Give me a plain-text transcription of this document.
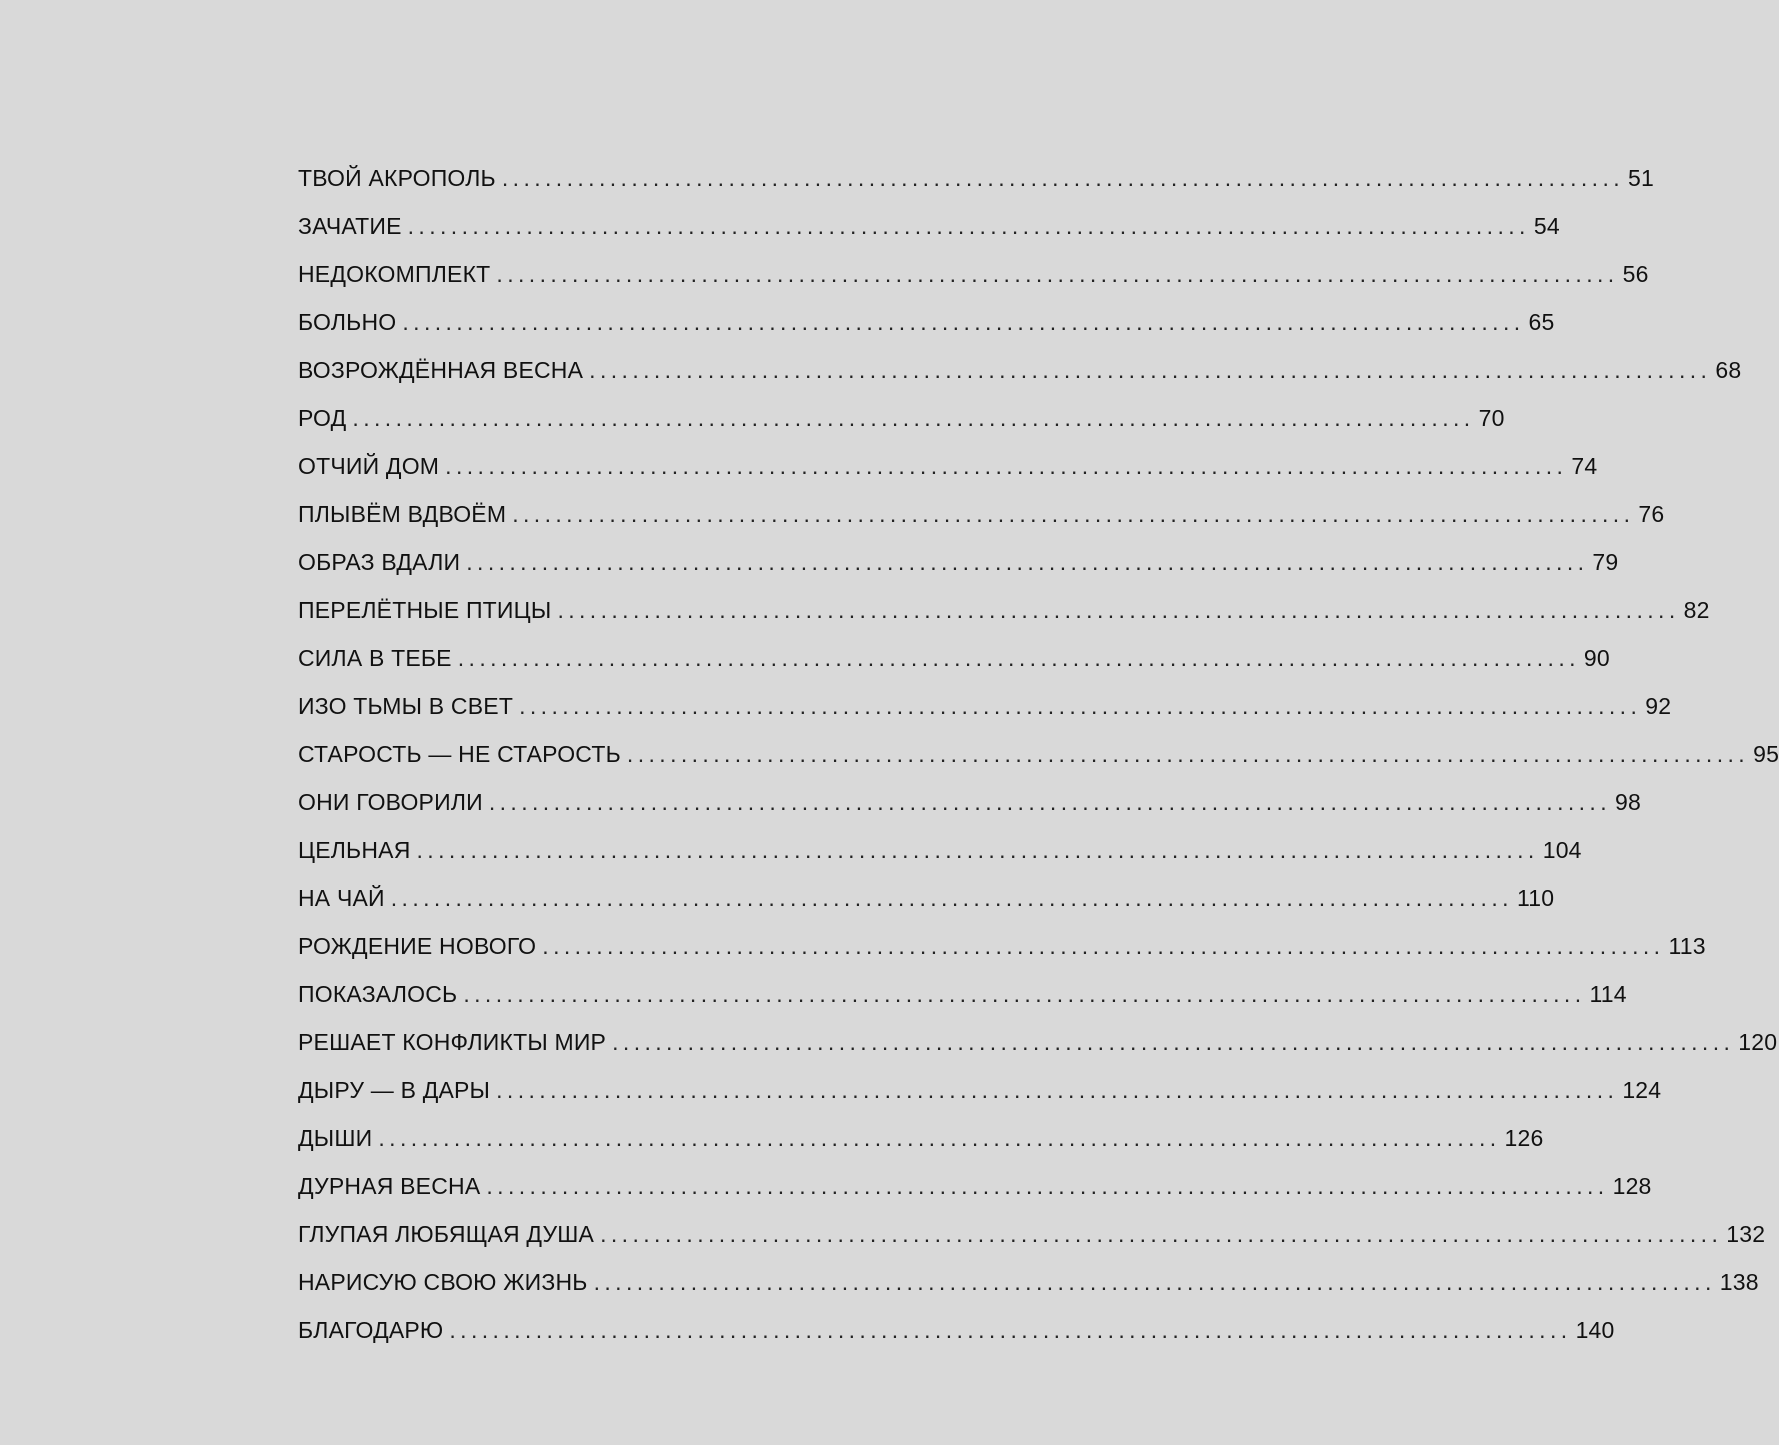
ТВОЙ АКРОПОЛЬ ........................................................................................................ 51
ЗАЧАТИЕ ........................................................................................................ 54
НЕДОКОМПЛЕКТ ........................................................................................................ 56
БОЛЬНО ........................................................................................................ 65
ВОЗРОЖДЁННАЯ ВЕСНА ........................................................................................................ 68
РОД ........................................................................................................ 70
ОТЧИЙ ДОМ ........................................................................................................ 74
ПЛЫВЁМ ВДВОЁМ ........................................................................................................ 76
ОБРАЗ ВДАЛИ ........................................................................................................ 79
ПЕРЕЛЁТНЫЕ ПТИЦЫ ........................................................................................................ 82
СИЛА В ТЕБЕ ........................................................................................................ 90
ИЗО ТЬМЫ В СВЕТ ........................................................................................................ 92
СТАРОСТЬ — НЕ СТАРОСТЬ ........................................................................................................ 95
ОНИ ГОВОРИЛИ ........................................................................................................ 98
ЦЕЛЬНАЯ ........................................................................................................ 104
НА ЧАЙ ........................................................................................................ 110
РОЖДЕНИЕ НОВОГО ........................................................................................................ 113
ПОКАЗАЛОСЬ ........................................................................................................ 114
РЕШАЕТ КОНФЛИКТЫ МИР ........................................................................................................ 120
ДЫРУ — В ДАРЫ ........................................................................................................ 124
ДЫШИ ........................................................................................................ 126
ДУРНАЯ ВЕСНА ........................................................................................................ 128
ГЛУПАЯ ЛЮБЯЩАЯ ДУША ........................................................................................................ 132
НАРИСУЮ СВОЮ ЖИЗНЬ ........................................................................................................ 138
БЛАГОДАРЮ ........................................................................................................ 140
